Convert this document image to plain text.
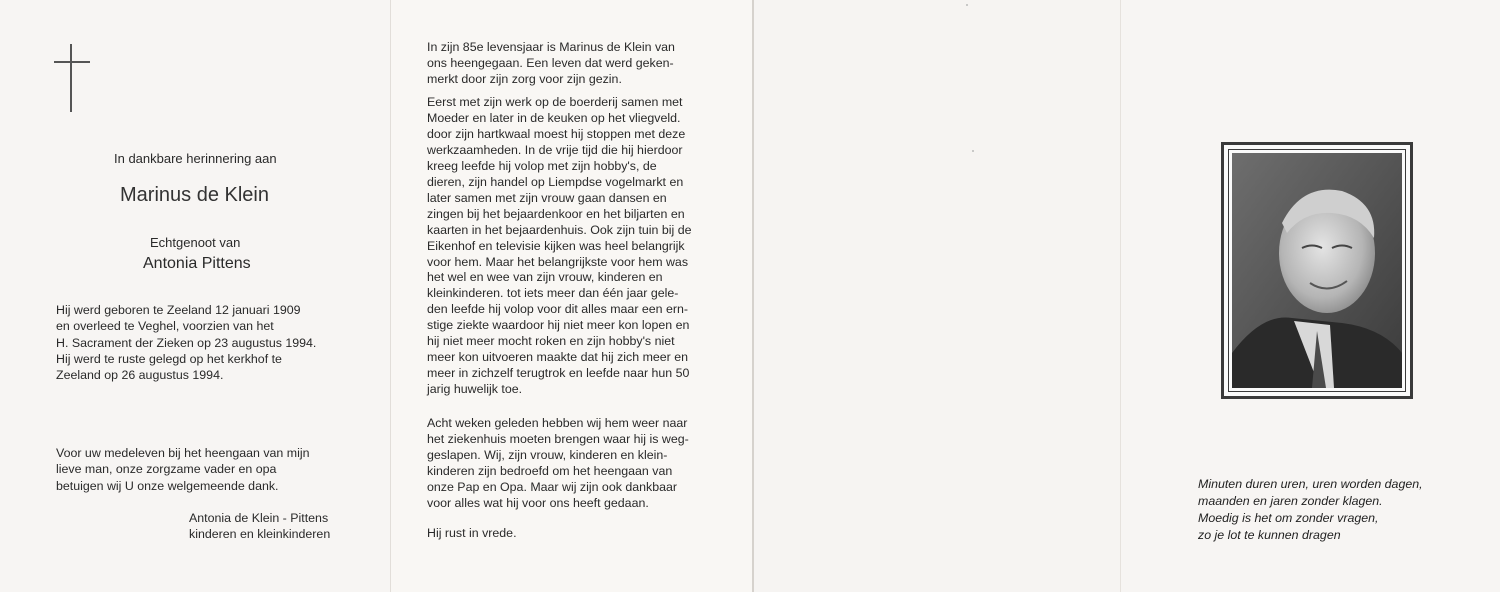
In dankbare herinnering aan
Marinus de Klein
Echtgenoot van
Antonia Pittens
Hij werd geboren te Zeeland 12 januari 1909
en overleed te Veghel, voorzien van het
H. Sacrament der Zieken op 23 augustus 1994.
Hij werd te ruste gelegd op het kerkhof te
Zeeland op 26 augustus 1994.
Voor uw medeleven bij het heengaan van mijn
lieve man, onze zorgzame vader en opa
betuigen wij U onze welgemeende dank.
Antonia de Klein - Pittens
kinderen en kleinkinderen
In zijn 85e levensjaar is Marinus de Klein van
ons heengegaan. Een leven dat werd geken-
merkt door zijn zorg voor zijn gezin.
Eerst met zijn werk op de boerderij samen met
Moeder en later in de keuken op het vliegveld.
door zijn hartkwaal moest hij stoppen met deze
werkzaamheden. In de vrije tijd die hij hierdoor
kreeg leefde hij volop met zijn hobby's, de
dieren, zijn handel op Liempdse vogelmarkt en
later samen met zijn vrouw gaan dansen en
zingen bij het bejaardenkoor en het biljarten en
kaarten in het bejaardenhuis. Ook zijn tuin bij de
Eikenhof en televisie kijken was heel belangrijk
voor hem. Maar het belangrijkste voor hem was
het wel en wee van zijn vrouw, kinderen en
kleinkinderen. tot iets meer dan één jaar gele-
den leefde hij volop voor dit alles maar een ern-
stige ziekte waardoor hij niet meer kon lopen en
hij niet meer mocht roken en zijn hobby's niet
meer kon uitvoeren maakte dat hij zich meer en
meer in zichzelf terugtrok en leefde naar hun 50
jarig huwelijk toe.
Acht weken geleden hebben wij hem weer naar
het ziekenhuis moeten brengen waar hij is weg-
geslapen. Wij, zijn vrouw, kinderen en klein-
kinderen zijn bedroefd om het heengaan van
onze Pap en Opa. Maar wij zijn ook dankbaar
voor alles wat hij voor ons heeft gedaan.
Hij rust in vrede.
Minuten duren uren, uren worden dagen,
maanden en jaren zonder klagen.
Moedig is het om zonder vragen,
zo je lot te kunnen dragen
